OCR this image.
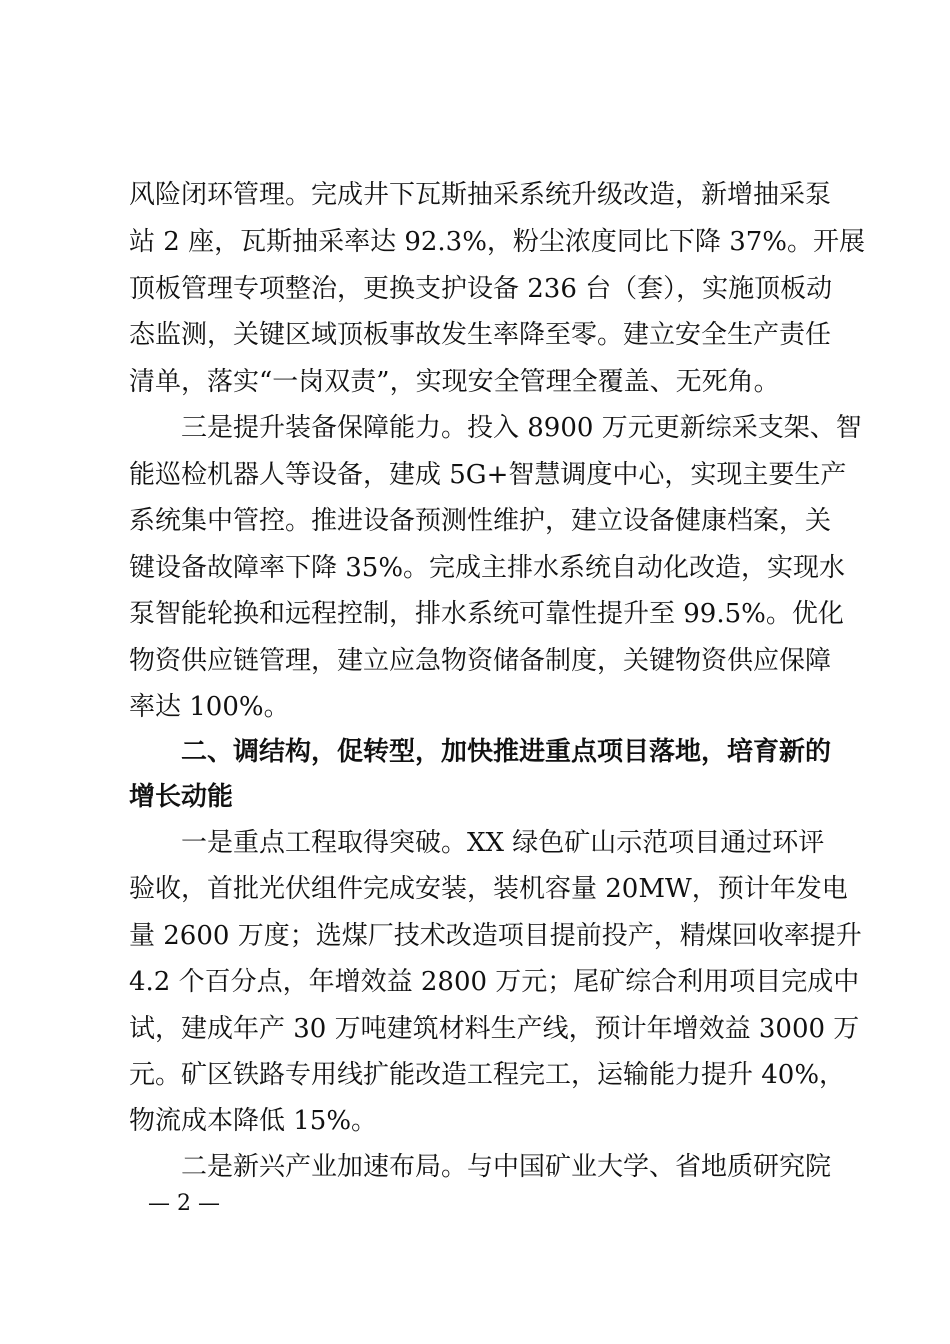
风险闭环管理。完成井下瓦斯抽采系统升级改造，新增抽采泵
站 2 座，瓦斯抽采率达 92.3%，粉尘浓度同比下降 37%。开展
顶板管理专项整治，更换支护设备 236 台（套），实施顶板动
态监测，关键区域顶板事故发生率降至零。建立安全生产责任
清单，落实“一岗双责”，实现安全管理全覆盖、无死角。
三是提升装备保障能力。投入 8900 万元更新综采支架、智
能巡检机器人等设备，建成 5G+智慧调度中心，实现主要生产
系统集中管控。推进设备预测性维护，建立设备健康档案，关
键设备故障率下降 35%。完成主排水系统自动化改造，实现水
泵智能轮换和远程控制，排水系统可靠性提升至 99.5%。优化
物资供应链管理，建立应急物资储备制度，关键物资供应保障
率达 100%。
二、调结构，促转型，加快推进重点项目落地，培育新的
增长动能
一是重点工程取得突破。XX 绿色矿山示范项目通过环评
验收，首批光伏组件完成安装，装机容量 20MW，预计年发电
量 2600 万度；选煤厂技术改造项目提前投产，精煤回收率提升
4.2 个百分点，年增效益 2800 万元；尾矿综合利用项目完成中
试，建成年产 30 万吨建筑材料生产线，预计年增效益 3000 万
元。矿区铁路专用线扩能改造工程完工，运输能力提升 40%，
物流成本降低 15%。
二是新兴产业加速布局。与中国矿业大学、省地质研究院
— 2 —
